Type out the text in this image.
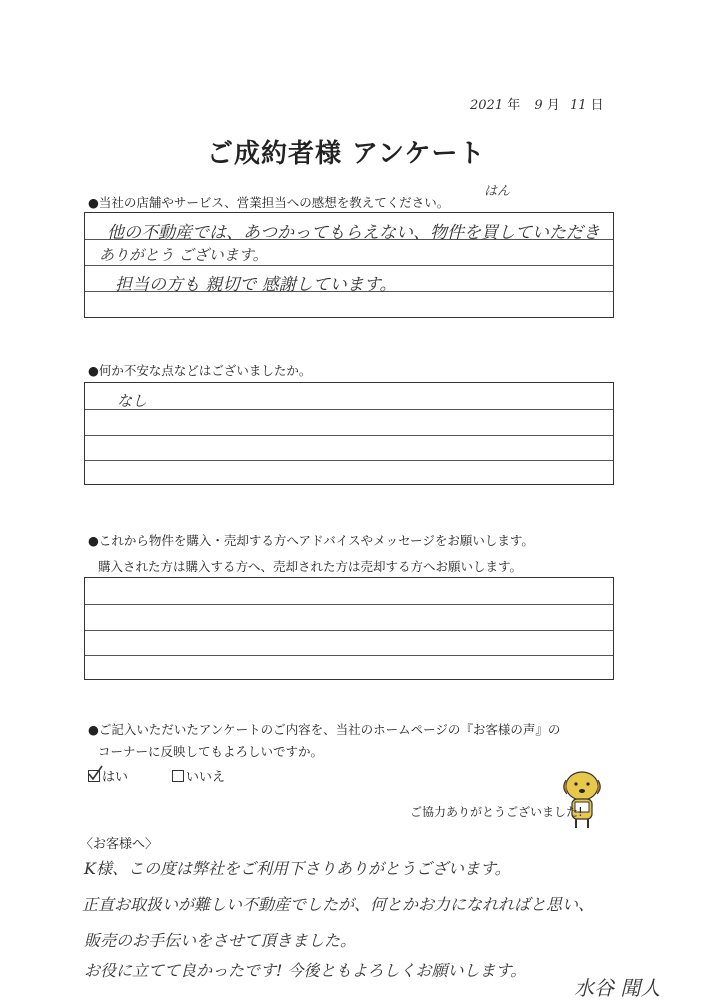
2021 年 9 月 11 日
ご成約者様 アンケート
●当社の店舗やサービス、営業担当への感想を教えてください。
はん
他の不動産では、あつかってもらえない、物件を買していただき
ありがとう ございます。
担当の方も 親切で 感謝しています。
●何か不安な点などはございましたか。
なし
●これから物件を購入・売却する方へアドバイスやメッセージをお願いします。
購入された方は購入する方へ、売却された方は売却する方へお願いします。
●ご記入いただいたアンケートのご内容を、当社のホームページの『お客様の声』の
コーナーに反映してもよろしいですか。
はい	いいえ
ご協力ありがとうございました!
〈お客様へ〉
K様、この度は弊社をご利用下さりありがとうございます。
正直お取扱いが難しい不動産でしたが、何とかお力になれればと思い、
販売のお手伝いをさせて頂きました。
お役に立てて良かったです! 今後ともよろしくお願いします。
水谷 聞人
